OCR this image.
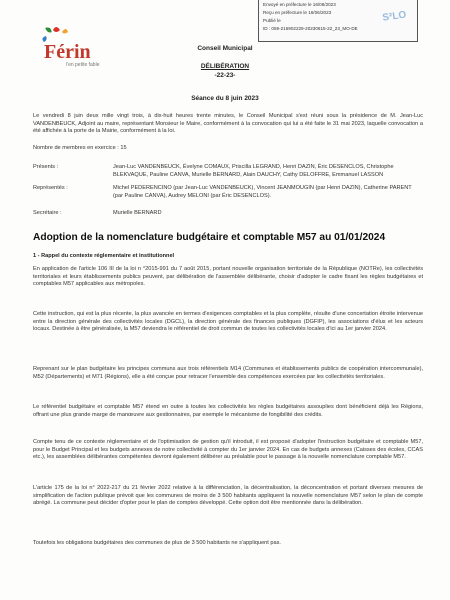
Férin
l'en petite fable
Envoyé en préfecture le 16/06/2023
Reçu en préfecture le 16/06/2023
Publié le
ID : 059-215902229-20230615-22_23_MO-DE
S²LO
Conseil Municipal
DÉLIBÉRATION
-22-23-
Séance du 8 juin 2023
Le vendredi 8 juin deux mille vingt trois, à dix-huit heures trente minutes, le Conseil Municipal s'est réuni sous la présidence de M. Jean-Luc VANDENBEUCK, Adjoint au maire, représentant Monsieur le Maire, conformément à la convocation qui lui a été faite le 31 mai 2023, laquelle convocation a été affichée à la porte de la Mairie, conformément à la loi.
Nombre de membres en exercice : 15
Présents :	Jean-Luc VANDENBEUCK, Évelyne COMAUX, Priscilla LEGRAND, Henri DAZIN, Éric DESENCLOS, Christophe BLEKVAQUE, Pauline CANVA, Murielle BERNARD, Alain DAUCHY, Cathy DELOFFRE, Emmanuel LASSON
Représentés :	Michel PEDERENCINO (par Jean-Luc VANDENBEUCK), Vincent JEANMOUGIN (par Henri DAZIN), Catherine PARENT (par Pauline CANVA), Audrey MELONI (par Éric DESENCLOS).
Secrétaire :	Murielle BERNARD
Adoption de la nomenclature budgétaire et comptable M57 au 01/01/2024
1 - Rappel du contexte réglementaire et institutionnel
En application de l'article 106 III de la loi n °2015-991 du 7 août 2015, portant nouvelle organisation territoriale de la République (NOTRe), les collectivités territoriales et leurs établissements publics peuvent, par délibération de l'assemblée délibérante, choisir d'adopter le cadre fixant les règles budgétaires et comptables M57 applicables aux métropoles.
Cette instruction, qui est la plus récente, la plus avancée en termes d'exigences comptables et la plus complète, résulte d'une concertation étroite intervenue entre la direction générale des collectivités locales (DGCL), la direction générale des finances publiques (DGFIP), les associations d'élus et les acteurs locaux. Destinée à être généralisée, la M57 deviendra le référentiel de droit commun de toutes les collectivités locales d'ici au 1er janvier 2024.
Reprenant sur le plan budgétaire les principes communs aux trois référentiels M14 (Communes et établissements publics de coopération intercommunale), M52 (Départements) et M71 (Régions), elle a été conçue pour retracer l'ensemble des compétences exercées par les collectivités territoriales.
Le référentiel budgétaire et comptable M57 étend en outre à toutes les collectivités les règles budgétaires assouplies dont bénéficient déjà les Régions, offrant une plus grande marge de manœuvre aux gestionnaires, par exemple le mécanisme de fongibilité des crédits.
Compte tenu de ce contexte réglementaire et de l'optimisation de gestion qu'il introduit, il est proposé d'adopter l'instruction budgétaire et comptable M57, pour le Budget Principal et les budgets annexes de notre collectivité à compter du 1er janvier 2024. En cas de budgets annexes (Caisses des écoles, CCAS etc.), les assemblées délibérantes compétentes devront également délibérer au préalable pour le passage à la nouvelle nomenclature comptable M57.
L'article 175 de la loi n° 2022-217 du 21 février 2022 relative à la différenciation, la décentralisation, la déconcentration et portant diverses mesures de simplification de l'action publique prévoit que les communes de moins de 3 500 habitants appliquent la nouvelle nomenclature M57 selon le plan de compte abrégé. La commune peut décider d'opter pour le plan de comptes développé. Cette option doit être mentionnée dans la délibération.
Toutefois les obligations budgétaires des communes de plus de 3 500 habitants ne s'appliquent pas.
